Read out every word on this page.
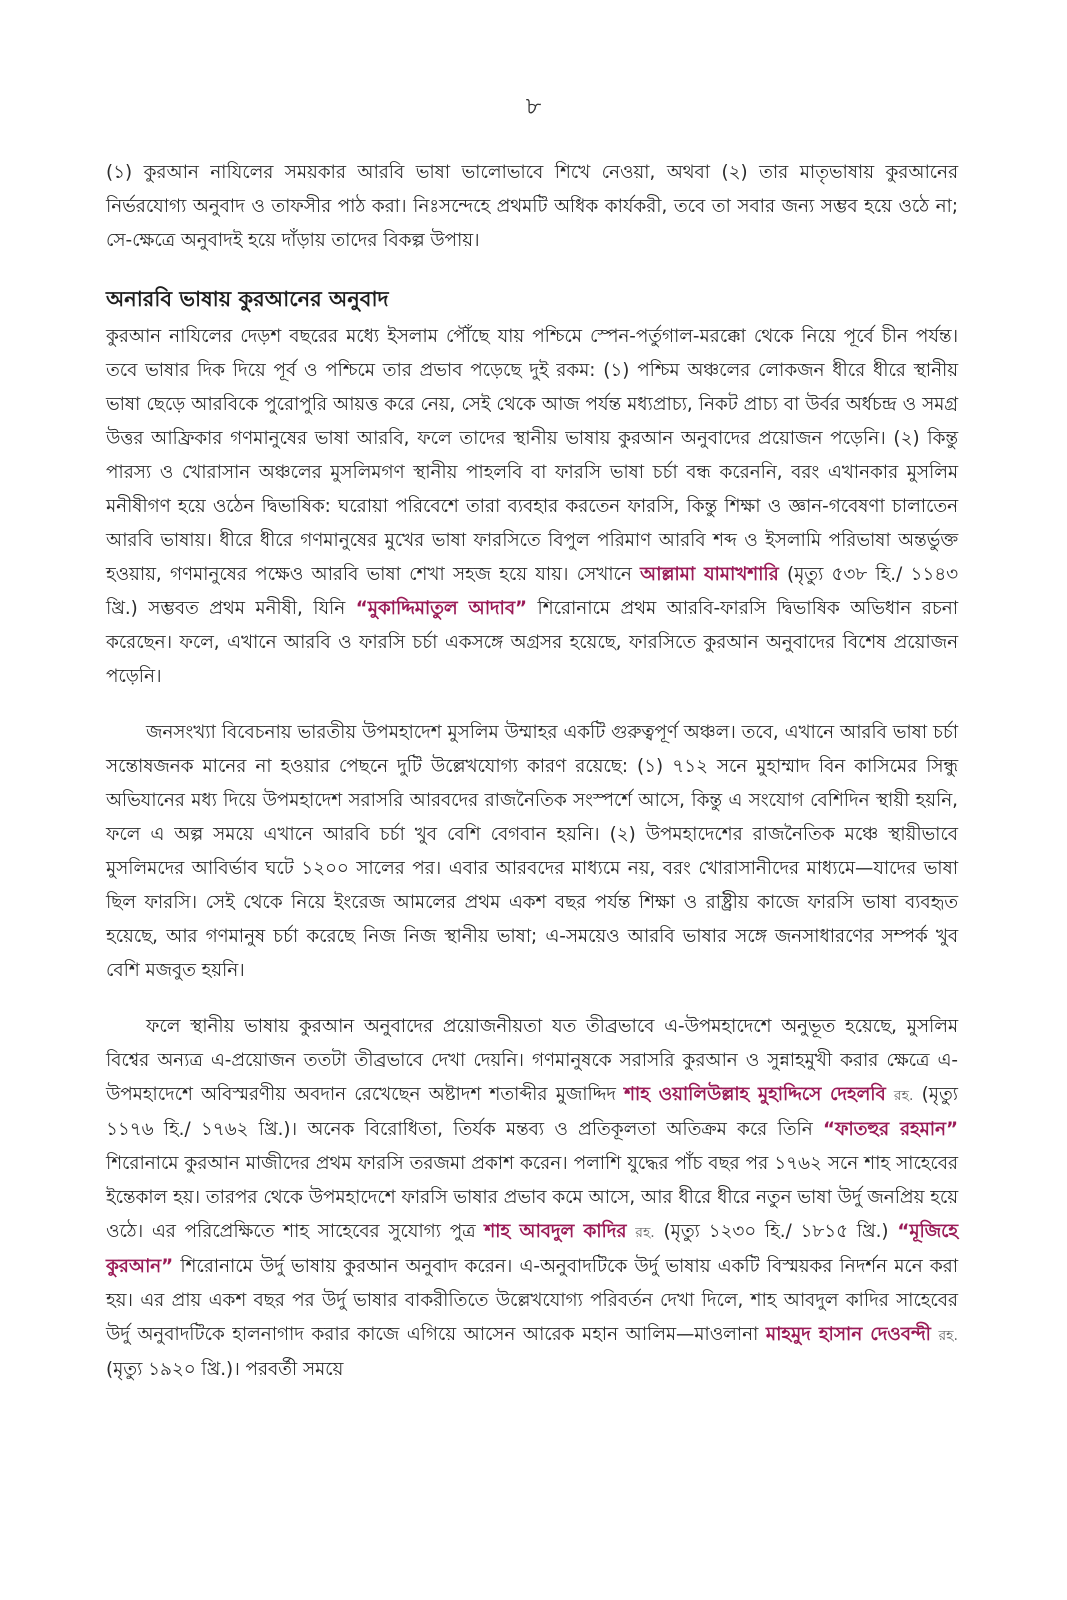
৮

(১) কুরআন নাযিলের সময়কার আরবি ভাষা ভালোভাবে শিখে নেওয়া, অথবা (২) তার মাতৃভাষায় কুরআনের নির্ভরযোগ্য অনুবাদ ও তাফসীর পাঠ করা। নিঃসন্দেহে প্রথমটি অধিক কার্যকরী, তবে তা সবার জন্য সম্ভব হয়ে ওঠে না; সে-ক্ষেত্রে অনুবাদই হয়ে দাঁড়ায় তাদের বিকল্প উপায়।

অনারবি ভাষায় কুরআনের অনুবাদ

কুরআন নাযিলের দেড়শ বছরের মধ্যে ইসলাম পৌঁছে যায় পশ্চিমে স্পেন-পর্তুগাল-মরক্কো থেকে নিয়ে পূর্বে চীন পর্যন্ত। তবে ভাষার দিক দিয়ে পূর্ব ও পশ্চিমে তার প্রভাব পড়েছে দুই রকম: (১) পশ্চিম অঞ্চলের লোকজন ধীরে ধীরে স্থানীয় ভাষা ছেড়ে আরবিকে পুরোপুরি আয়ত্ত করে নেয়, সেই থেকে আজ পর্যন্ত মধ্যপ্রাচ্য, নিকট প্রাচ্য বা উর্বর অর্ধচন্দ্র ও সমগ্র উত্তর আফ্রিকার গণমানুষের ভাষা আরবি, ফলে তাদের স্থানীয় ভাষায় কুরআন অনুবাদের প্রয়োজন পড়েনি। (২) কিন্তু পারস্য ও খোরাসান অঞ্চলের মুসলিমগণ স্থানীয় পাহলবি বা ফারসি ভাষা চর্চা বন্ধ করেননি, বরং এখানকার মুসলিম মনীষীগণ হয়ে ওঠেন দ্বিভাষিক: ঘরোয়া পরিবেশে তারা ব্যবহার করতেন ফারসি, কিন্তু শিক্ষা ও জ্ঞান-গবেষণা চালাতেন আরবি ভাষায়। ধীরে ধীরে গণমানুষের মুখের ভাষা ফারসিতে বিপুল পরিমাণ আরবি শব্দ ও ইসলামি পরিভাষা অন্তর্ভুক্ত হওয়ায়, গণমানুষের পক্ষেও আরবি ভাষা শেখা সহজ হয়ে যায়। সেখানে আল্লামা যামাখশারি (মৃত্যু ৫৩৮ হি./ ১১৪৩ খ্রি.) সম্ভবত প্রথম মনীষী, যিনি “মুকাদ্দিমাতুল আদাব” শিরোনামে প্রথম আরবি-ফারসি দ্বিভাষিক অভিধান রচনা করেছেন। ফলে, এখানে আরবি ও ফারসি চর্চা একসঙ্গে অগ্রসর হয়েছে, ফারসিতে কুরআন অনুবাদের বিশেষ প্রয়োজন পড়েনি।

জনসংখ্যা বিবেচনায় ভারতীয় উপমহাদেশ মুসলিম উম্মাহর একটি গুরুত্বপূর্ণ অঞ্চল। তবে, এখানে আরবি ভাষা চর্চা সন্তোষজনক মানের না হওয়ার পেছনে দুটি উল্লেখযোগ্য কারণ রয়েছে: (১) ৭১২ সনে মুহাম্মাদ বিন কাসিমের সিন্ধু অভিযানের মধ্য দিয়ে উপমহাদেশ সরাসরি আরবদের রাজনৈতিক সংস্পর্শে আসে, কিন্তু এ সংযোগ বেশিদিন স্থায়ী হয়নি, ফলে এ অল্প সময়ে এখানে আরবি চর্চা খুব বেশি বেগবান হয়নি। (২) উপমহাদেশের রাজনৈতিক মঞ্চে স্থায়ীভাবে মুসলিমদের আবির্ভাব ঘটে ১২০০ সালের পর। এবার আরবদের মাধ্যমে নয়, বরং খোরাসানীদের মাধ্যমে—যাদের ভাষা ছিল ফারসি। সেই থেকে নিয়ে ইংরেজ আমলের প্রথম একশ বছর পর্যন্ত শিক্ষা ও রাষ্ট্রীয় কাজে ফারসি ভাষা ব্যবহৃত হয়েছে, আর গণমানুষ চর্চা করেছে নিজ নিজ স্থানীয় ভাষা; এ-সময়েও আরবি ভাষার সঙ্গে জনসাধারণের সম্পর্ক খুব বেশি মজবুত হয়নি।

ফলে স্থানীয় ভাষায় কুরআন অনুবাদের প্রয়োজনীয়তা যত তীব্রভাবে এ-উপমহাদেশে অনুভূত হয়েছে, মুসলিম বিশ্বের অন্যত্র এ-প্রয়োজন ততটা তীব্রভাবে দেখা দেয়নি। গণমানুষকে সরাসরি কুরআন ও সুন্নাহমুখী করার ক্ষেত্রে এ-উপমহাদেশে অবিস্মরণীয় অবদান রেখেছেন অষ্টাদশ শতাব্দীর মুজাদ্দিদ শাহ ওয়ালিউল্লাহ মুহাদ্দিসে দেহলবি রহ. (মৃত্যু ১১৭৬ হি./ ১৭৬২ খ্রি.)। অনেক বিরোধিতা, তির্যক মন্তব্য ও প্রতিকূলতা অতিক্রম করে তিনি “ফাতহুর রহমান” শিরোনামে কুরআন মাজীদের প্রথম ফারসি তরজমা প্রকাশ করেন। পলাশি যুদ্ধের পাঁচ বছর পর ১৭৬২ সনে শাহ সাহেবের ইন্তেকাল হয়। তারপর থেকে উপমহাদেশে ফারসি ভাষার প্রভাব কমে আসে, আর ধীরে ধীরে নতুন ভাষা উর্দু জনপ্রিয় হয়ে ওঠে। এর পরিপ্রেক্ষিতে শাহ সাহেবের সুযোগ্য পুত্র শাহ আবদুল কাদির রহ. (মৃত্যু ১২৩০ হি./ ১৮১৫ খ্রি.) “মূজিহে কুরআন” শিরোনামে উর্দু ভাষায় কুরআন অনুবাদ করেন। এ-অনুবাদটিকে উর্দু ভাষায় একটি বিস্ময়কর নিদর্শন মনে করা হয়। এর প্রায় একশ বছর পর উর্দু ভাষার বাকরীতিতে উল্লেখযোগ্য পরিবর্তন দেখা দিলে, শাহ আবদুল কাদির সাহেবের উর্দু অনুবাদটিকে হালনাগাদ করার কাজে এগিয়ে আসেন আরেক মহান আলিম—মাওলানা মাহমুদ হাসান দেওবন্দী রহ. (মৃত্যু ১৯২০ খ্রি.)। পরবর্তী সময়ে
